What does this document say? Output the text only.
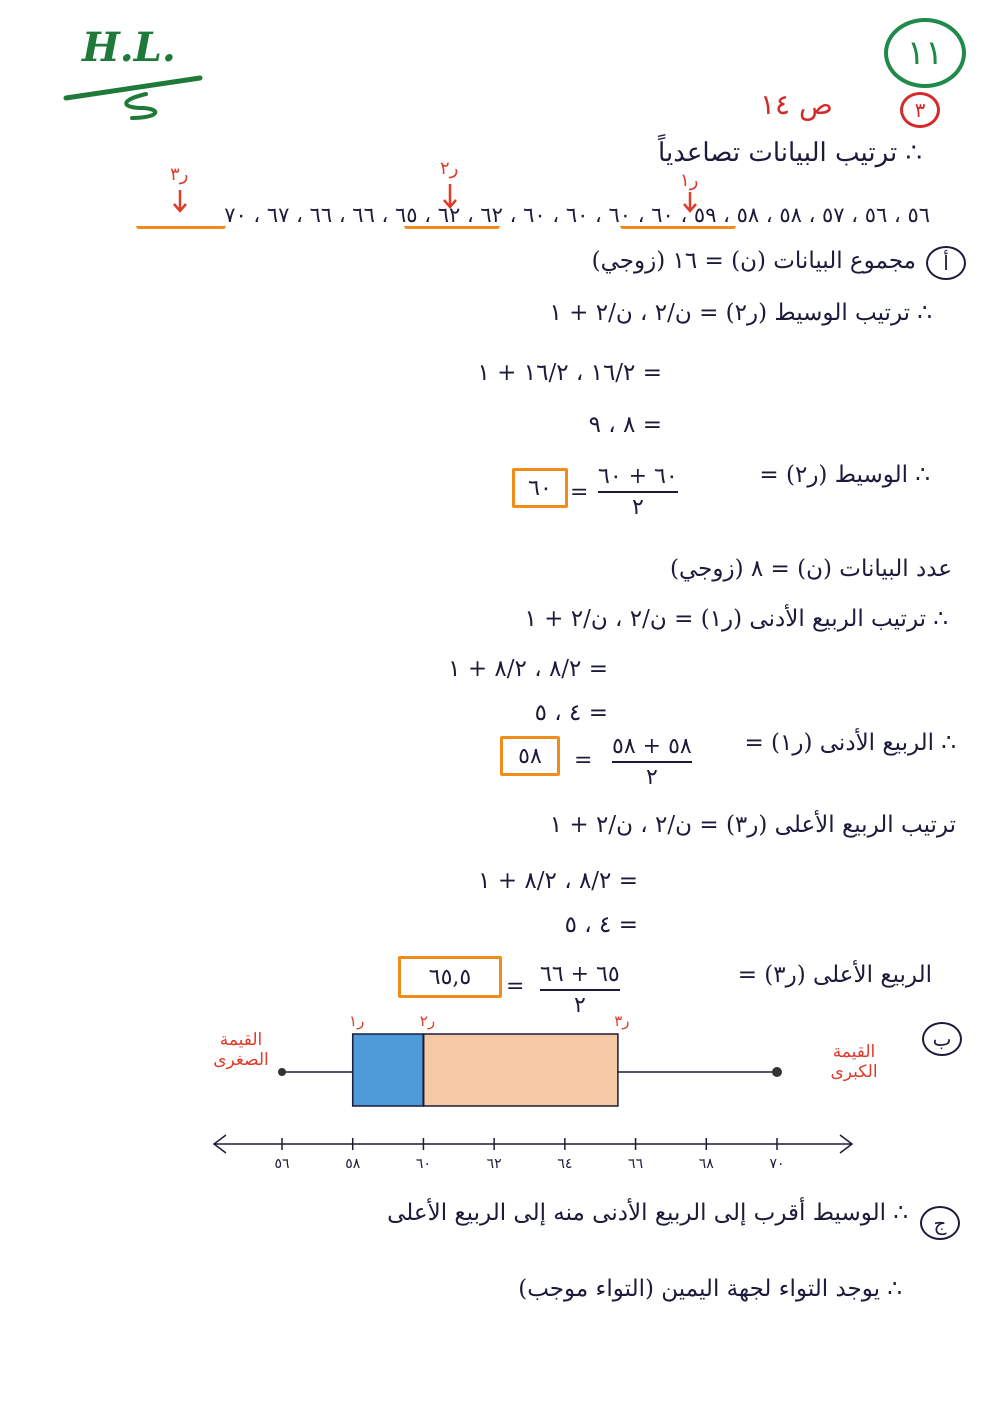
H.L.	١١
ص ١٤	٣
∴ ترتيب البيانات تصاعدياً
ر٣	ر٢
ر١
٥٦ ، ٥٦ ، ٥٧ ، ٥٨ ، ٥٨ ، ٥٩ ، ٦٠ ، ٦٠ ، ٦٠ ، ٦٠ ، ٦٢ ، ٦٢ ، ٦٥ ، ٦٦ ، ٦٦ ، ٦٧ ، ٧٠
أ
مجموع البيانات (ن) = ١٦ (زوجي)
∴ ترتيب الوسيط (ر٢) = ن/٢ ، ن/٢ + ١
= ١٦/٢ ، ١٦/٢ + ١
= ٨ ، ٩
∴ الوسيط (ر٢) =
٦٠ + ٦٠
٢
=
٦٠
عدد البيانات (ن) = ٨ (زوجي)
∴ ترتيب الربيع الأدنى (ر١) = ن/٢ ، ن/٢ + ١
= ٨/٢ ، ٨/٢ + ١
= ٤ ، ٥
∴ الربيع الأدنى (ر١) =
٥٨ + ٥٨
٢
=
٥٨
ترتيب الربيع الأعلى (ر٣) = ن/٢ ، ن/٢ + ١
= ٨/٢ ، ٨/٢ + ١
= ٤ ، ٥
الربيع الأعلى (ر٣) =
٦٥ + ٦٦
٢
=
٦٥,٥
ب
القيمة الصغرى	القيمة الكبرى
ر١	ر٢	ر٣
٥٦	٥٨	٦٠	٦٢	٦٤	٦٦	٦٨	٧٠
ج
∴ الوسيط أقرب إلى الربيع الأدنى منه إلى الربيع الأعلى
∴ يوجد التواء لجهة اليمين (التواء موجب)
